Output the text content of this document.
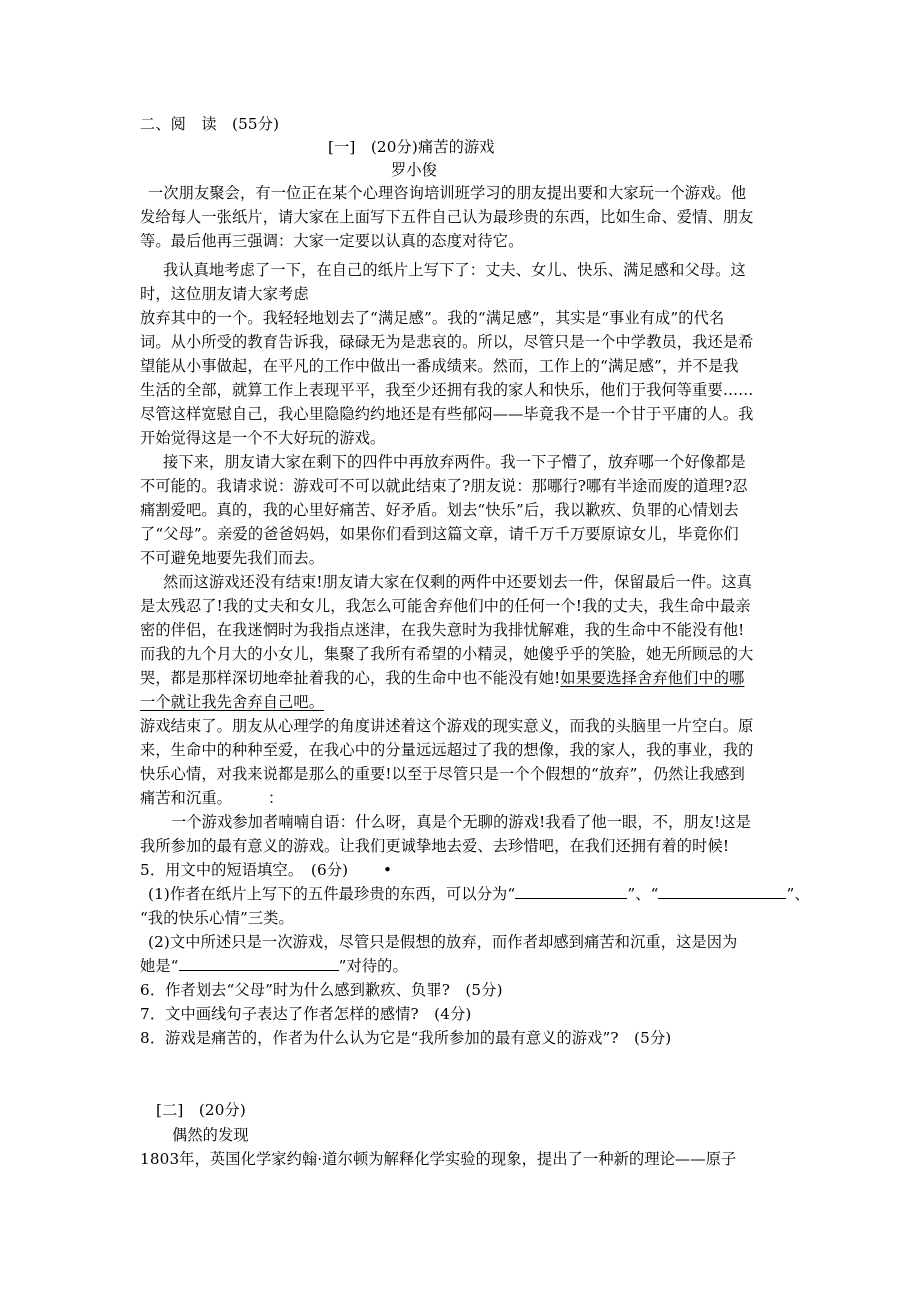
二、阅　读　(55分)
[一]　(20分)痛苦的游戏
罗小俊
一次朋友聚会，有一位正在某个心理咨询培训班学习的朋友提出要和大家玩一个游戏。他
发给每人一张纸片，请大家在上面写下五件自己认为最珍贵的东西，比如生命、爱情、朋友
等。最后他再三强调：大家一定要以认真的态度对待它。
我认真地考虑了一下，在自己的纸片上写下了：丈夫、女儿、快乐、满足感和父母。这
时，这位朋友请大家考虑
放弃其中的一个。我轻轻地划去了“满足感”。我的“满足感”，其实是“事业有成”的代名
词。从小所受的教育告诉我，碌碌无为是悲哀的。所以，尽管只是一个中学教员，我还是希
望能从小事做起，在平凡的工作中做出一番成绩来。然而，工作上的“满足感”，并不是我
生活的全部，就算工作上表现平平，我至少还拥有我的家人和快乐，他们于我何等重要……
尽管这样宽慰自己，我心里隐隐约约地还是有些郁闷——毕竟我不是一个甘于平庸的人。我
开始觉得这是一个不大好玩的游戏。
接下来，朋友请大家在剩下的四件中再放弃两件。我一下子懵了，放弃哪一个好像都是
不可能的。我请求说：游戏可不可以就此结束了?朋友说：那哪行?哪有半途而废的道理?忍
痛割爱吧。真的，我的心里好痛苦、好矛盾。划去“快乐”后，我以歉疚、负罪的心情划去
了“父母”。亲爱的爸爸妈妈，如果你们看到这篇文章，请千万千万要原谅女儿，毕竟你们
不可避免地要先我们而去。
然而这游戏还没有结束!朋友请大家在仅剩的两件中还要划去一件，保留最后一件。这真
是太残忍了!我的丈夫和女儿，我怎么可能舍弃他们中的任何一个!我的丈夫，我生命中最亲
密的伴侣，在我迷惘时为我指点迷津，在我失意时为我排忧解难，我的生命中不能没有他!
而我的九个月大的小女儿，集聚了我所有希望的小精灵，她傻乎乎的笑脸，她无所顾忌的大
哭，都是那样深切地牵扯着我的心，我的生命中也不能没有她!如果要选择舍弃他们中的哪
一个就让我先舍弃自己吧。
游戏结束了。朋友从心理学的角度讲述着这个游戏的现实意义，而我的头脑里一片空白。原
来，生命中的种种至爱，在我心中的分量远远超过了我的想像，我的家人，我的事业，我的
快乐心情，对我来说都是那么的重要!以至于尽管只是一个个假想的“放弃”，仍然让我感到
痛苦和沉重。 ：
一个游戏参加者喃喃自语：什么呀，真是个无聊的游戏!我看了他一眼，不，朋友!这是
我所参加的最有意义的游戏。让我们更诚挚地去爱、去珍惜吧，在我们还拥有着的时候!
5．用文中的短语填空。　(6分) •
(1)作者在纸片上写下的五件最珍贵的东西，可以分为“	”、“	”、
“我的快乐心情”三类。
(2)文中所述只是一次游戏，尽管只是假想的放弃，而作者却感到痛苦和沉重，这是因为
她是“	”对待的。
6．作者划去“父母”时为什么感到歉疚、负罪?　(5分)
7．文中画线句子表达了作者怎样的感情?　(4分)
8．游戏是痛苦的，作者为什么认为它是“我所参加的最有意义的游戏”?　(5分)
[二]　(20分)
偶然的发现
1803年，英国化学家约翰·道尔顿为解释化学实验的现象，提出了一种新的理论——原子
